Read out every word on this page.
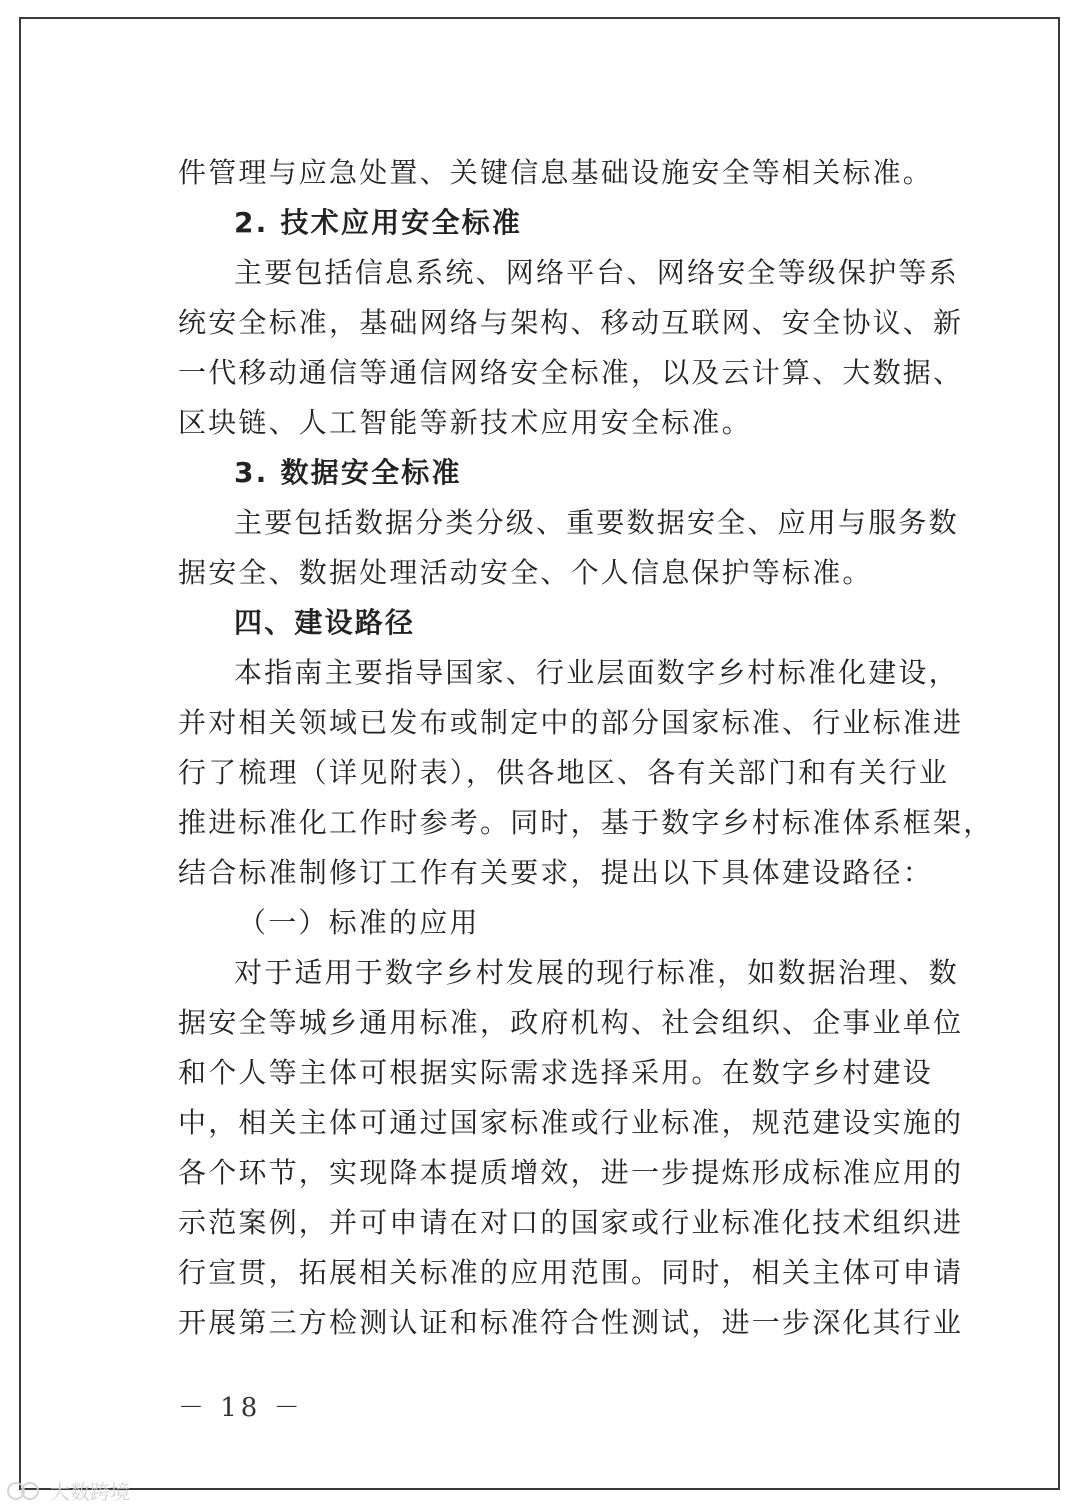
件管理与应急处置、关键信息基础设施安全等相关标准。
2. 技术应用安全标准
主要包括信息系统、网络平台、网络安全等级保护等系
统安全标准，基础网络与架构、移动互联网、安全协议、新
一代移动通信等通信网络安全标准，以及云计算、大数据、
区块链、人工智能等新技术应用安全标准。
3. 数据安全标准
主要包括数据分类分级、重要数据安全、应用与服务数
据安全、数据处理活动安全、个人信息保护等标准。
四、建设路径
本指南主要指导国家、行业层面数字乡村标准化建设，
并对相关领域已发布或制定中的部分国家标准、行业标准进
行了梳理（详见附表），供各地区、各有关部门和有关行业
推进标准化工作时参考。同时，基于数字乡村标准体系框架，
结合标准制修订工作有关要求，提出以下具体建设路径：
（一）标准的应用
对于适用于数字乡村发展的现行标准，如数据治理、数
据安全等城乡通用标准，政府机构、社会组织、企事业单位
和个人等主体可根据实际需求选择采用。在数字乡村建设
中，相关主体可通过国家标准或行业标准，规范建设实施的
各个环节，实现降本提质增效，进一步提炼形成标准应用的
示范案例，并可申请在对口的国家或行业标准化技术组织进
行宣贯，拓展相关标准的应用范围。同时，相关主体可申请
开展第三方检测认证和标准符合性测试，进一步深化其行业
－ 18 －
大数跨境
